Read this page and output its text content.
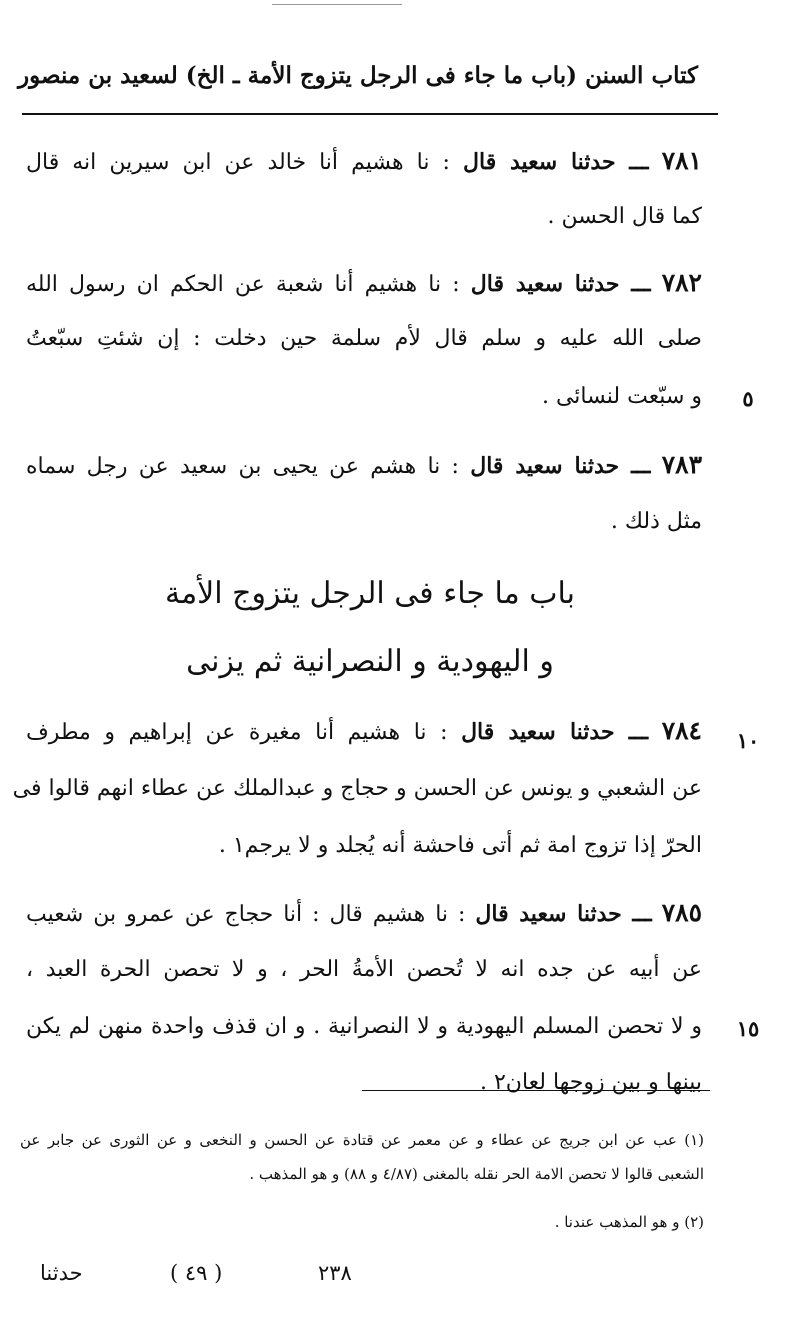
كتاب السنن (باب ما جاء فى الرجل يتزوج الأمة ـ الخ) لسعيد بن منصور
٧٨١ ـــ حدثنا سعيد قال : نا هشيم أنا خالد عن ابن سيرين انه قال
كما قال الحسن .
٧٨٢ ـــ حدثنا سعيد قال : نا هشيم أنا شعبة عن الحكم ان رسول الله
صلى الله عليه و سلم قال لأم سلمة حين دخلت : إن شئتِ سبّعتُ
و سبّعت لنسائى .	٥
٧٨٣ ـــ حدثنا سعيد قال : نا هشم عن يحيى بن سعيد عن رجل سماه
مثل ذلك .
باب ما جاء فى الرجل يتزوج الأمة
و اليهودية و النصرانية ثم يزنى
٧٨٤ ـــ حدثنا سعيد قال : نا هشيم أنا مغيرة عن إبراهيم و مطرف	١٠
عن الشعبي و يونس عن الحسن و حجاج و عبدالملك عن عطاء انهم قالوا فى
الحرّ إذا تزوج امة ثم أتى فاحشة أنه يُجلد و لا يرجم١ .
٧٨٥ ـــ حدثنا سعيد قال : نا هشيم قال : أنا حجاج عن عمرو بن شعيب
عن أبيه عن جده انه لا تُحصن الأمةُ الحر ، و لا تحصن الحرة العبد ،
و لا تحصن المسلم اليهودية و لا النصرانية . و ان قذف واحدة منهن لم يكن	١٥
بينها و بين زوجها لعان٢ .
(١) عب عن ابن جريج عن عطاء و عن معمر عن قتادة عن الحسن و النخعى و عن الثورى عن جابر عن
الشعبى قالوا لا تحصن الامة الحر نقله بالمغنى (٤/٨٧ و ٨٨) و هو المذهب .
(٢) و هو المذهب عندنا .
٢٣٨
( ٤٩ )
حدثنا
